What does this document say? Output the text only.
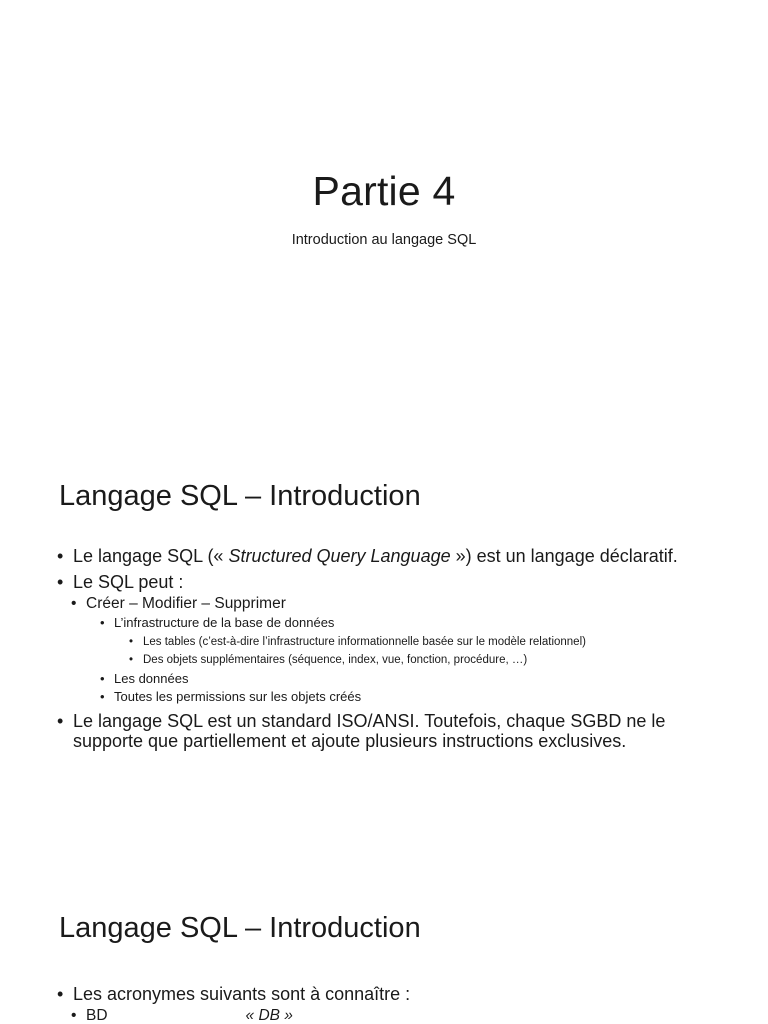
Partie 4
Introduction au langage SQL
Langage SQL – Introduction
• Le langage SQL (« Structured Query Language ») est un langage déclaratif.
• Le SQL peut :
• Créer – Modifier – Supprimer
• L’infrastructure de la base de données
• Les tables (c’est-à-dire l’infrastructure informationnelle basée sur le modèle relationnel)
• Des objets supplémentaires (séquence, index, vue, fonction, procédure, …)
• Les données
• Toutes les permissions sur les objets créés
• Le langage SQL est un standard ISO/ANSI. Toutefois, chaque SGBD ne le supporte que partiellement et ajoute plusieurs instructions exclusives.
Langage SQL – Introduction
• Les acronymes suivants sont à connaître :
• BD	« DB »
